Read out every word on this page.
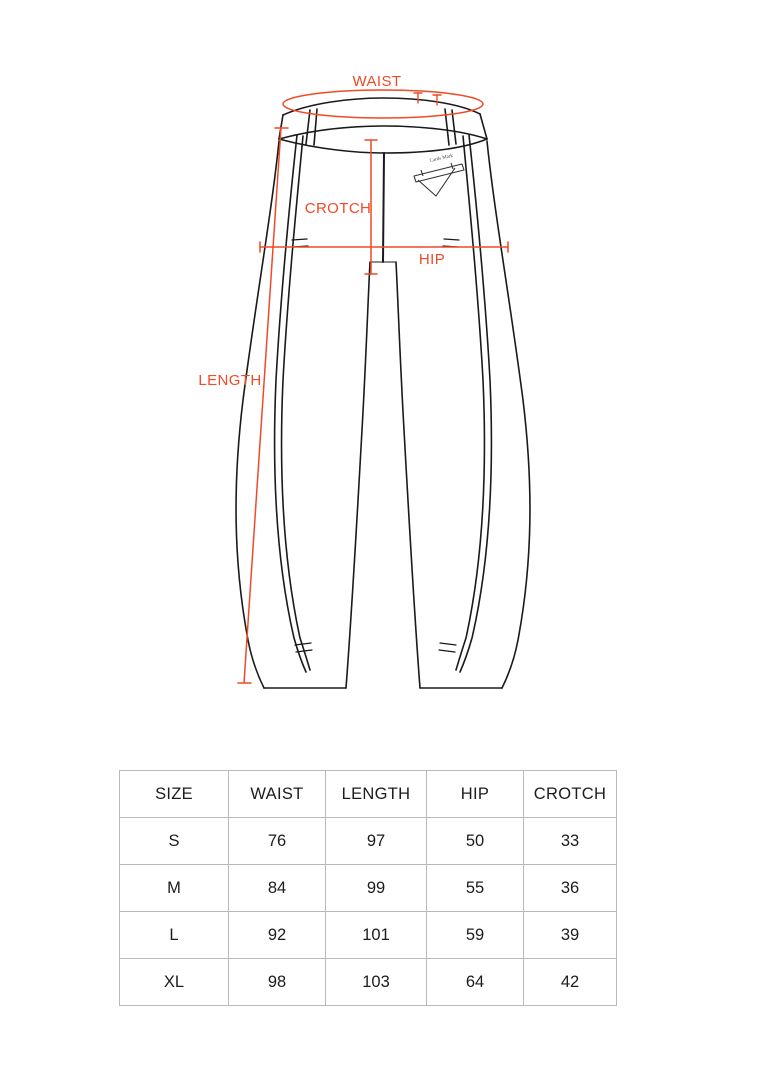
Cards Mark
WAIST
CROTCH
HIP
LENGTH
SIZE	WAIST	LENGTH	HIP	CROTCH
S	76	97	50	33
M	84	99	55	36
L	92	101	59	39
XL	98	103	64	42
